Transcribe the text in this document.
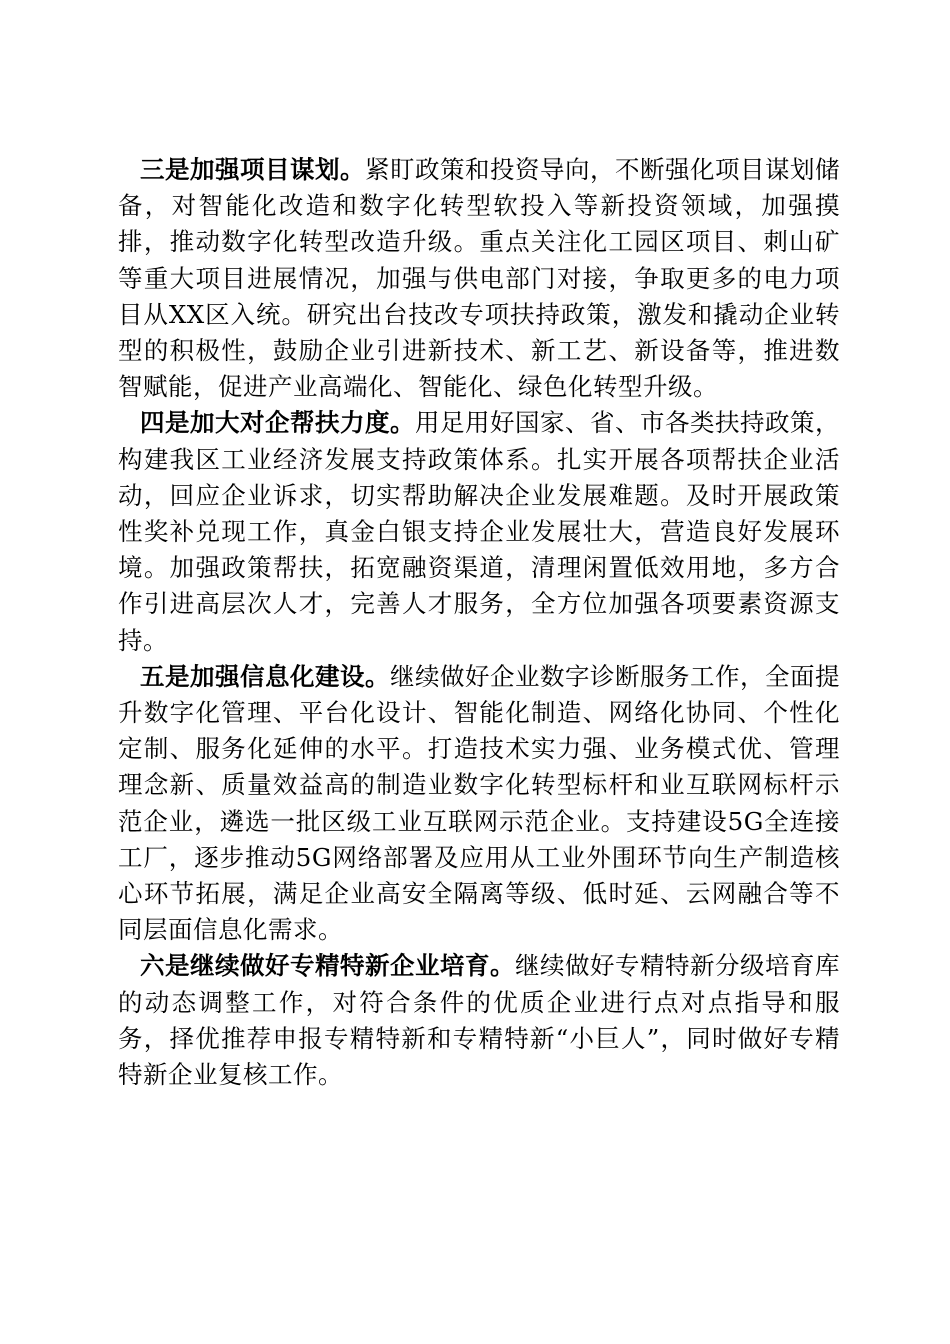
三是加强项目谋划。紧盯政策和投资导向，不断强化项目谋划储备，对智能化改造和数字化转型软投入等新投资领域，加强摸排，推动数字化转型改造升级。重点关注化工园区项目、刺山矿等重大项目进展情况，加强与供电部门对接，争取更多的电力项目从XX区入统。研究出台技改专项扶持政策，激发和撬动企业转型的积极性，鼓励企业引进新技术、新工艺、新设备等，推进数智赋能，促进产业高端化、智能化、绿色化转型升级。

四是加大对企帮扶力度。用足用好国家、省、市各类扶持政策，构建我区工业经济发展支持政策体系。扎实开展各项帮扶企业活动，回应企业诉求，切实帮助解决企业发展难题。及时开展政策性奖补兑现工作，真金白银支持企业发展壮大，营造良好发展环境。加强政策帮扶，拓宽融资渠道，清理闲置低效用地，多方合作引进高层次人才，完善人才服务，全方位加强各项要素资源支持。

五是加强信息化建设。继续做好企业数字诊断服务工作，全面提升数字化管理、平台化设计、智能化制造、网络化协同、个性化定制、服务化延伸的水平。打造技术实力强、业务模式优、管理理念新、质量效益高的制造业数字化转型标杆和业互联网标杆示范企业，遴选一批区级工业互联网示范企业。支持建设5G全连接工厂，逐步推动5G网络部署及应用从工业外围环节向生产制造核心环节拓展，满足企业高安全隔离等级、低时延、云网融合等不同层面信息化需求。

六是继续做好专精特新企业培育。继续做好专精特新分级培育库的动态调整工作，对符合条件的优质企业进行点对点指导和服务，择优推荐申报专精特新和专精特新“小巨人”，同时做好专精特新企业复核工作。
